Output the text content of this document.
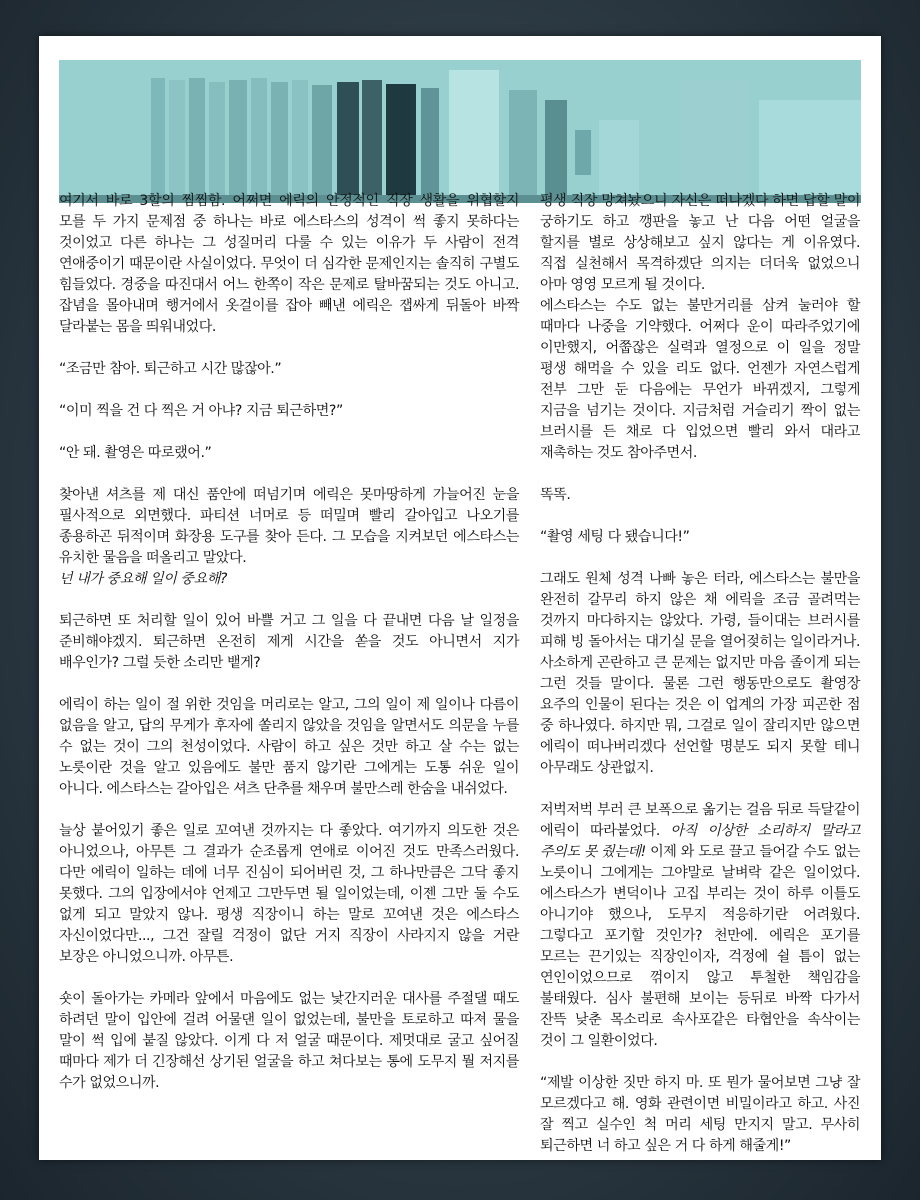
여기서 바로 3할의 찜찜함. 어쩌면 에릭의 안정적인 직장 생활을 위협할지 모를 두 가지 문제점 중 하나는 바로 에스타스의 성격이 썩 좋지 못하다는 것이었고 다른 하나는 그 성질머리 다룰 수 있는 이유가 두 사람이 전격 연애중이기 때문이란 사실이었다. 무엇이 더 심각한 문제인지는 솔직히 구별도 힘들었다. 경중을 따진대서 어느 한쪽이 작은 문제로 탈바꿈되는 것도 아니고. 잡념을 몰아내며 행거에서 옷걸이를 잡아 빼낸 에릭은 잽싸게 뒤돌아 바짝 달라붙는 몸을 띄워내었다.

“조금만 참아. 퇴근하고 시간 많잖아.”

“이미 찍을 건 다 찍은 거 아냐? 지금 퇴근하면?”

“안 돼. 촬영은 따로랬어.”

찾아낸 셔츠를 제 대신 품안에 떠넘기며 에릭은 못마땅하게 가늘어진 눈을 필사적으로 외면했다. 파티션 너머로 등 떠밀며 빨리 갈아입고 나오기를 종용하곤 뒤적이며 화장용 도구를 찾아 든다. 그 모습을 지켜보던 에스타스는 유치한 물음을 떠올리고 말았다.
넌 내가 중요해 일이 중요해?

퇴근하면 또 처리할 일이 있어 바쁠 거고 그 일을 다 끝내면 다음 날 일정을 준비해야겠지. 퇴근하면 온전히 제게 시간을 쏟을 것도 아니면서 지가 배우인가? 그럴 듯한 소리만 뱉게?

에릭이 하는 일이 절 위한 것임을 머리로는 알고, 그의 일이 제 일이나 다름이 없음을 알고, 답의 무게가 후자에 쏠리지 않았을 것임을 알면서도 의문을 누를 수 없는 것이 그의 천성이었다. 사람이 하고 싶은 것만 하고 살 수는 없는 노릇이란 것을 알고 있음에도 불만 품지 않기란 그에게는 도통 쉬운 일이 아니다. 에스타스는 갈아입은 셔츠 단추를 채우며 불만스레 한숨을 내쉬었다.

늘상 붙어있기 좋은 일로 꼬여낸 것까지는 다 좋았다. 여기까지 의도한 것은 아니었으나, 아무튼 그 결과가 순조롭게 연애로 이어진 것도 만족스러웠다. 다만 에릭이 일하는 데에 너무 진심이 되어버린 것, 그 하나만큼은 그닥 좋지 못했다. 그의 입장에서야 언제고 그만두면 될 일이었는데, 이젠 그만 둘 수도 없게 되고 말았지 않나. 평생 직장이니 하는 말로 꼬여낸 것은 에스타스 자신이었다만..., 그건 잘릴 걱정이 없단 거지 직장이 사라지지 않을 거란 보장은 아니었으니까. 아무튼.

숏이 돌아가는 카메라 앞에서 마음에도 없는 낯간지러운 대사를 주절댈 때도 하려던 말이 입안에 걸려 어물댄 일이 없었는데, 불만을 토로하고 따져 물을 말이 썩 입에 붙질 않았다. 이게 다 저 얼굴 때문이다. 제멋대로 굴고 싶어질 때마다 제가 더 긴장해선 상기된 얼굴을 하고 쳐다보는 통에 도무지 뭘 저지를 수가 없었으니까.

평생 직장 망쳐놨으니 자신은 떠나겠다 하면 답할 말이 궁하기도 하고 깽판을 놓고 난 다음 어떤 얼굴을 할지를 별로 상상해보고 싶지 않다는 게 이유였다. 직접 실천해서 목격하겠단 의지는 더더욱 없었으니 아마 영영 모르게 될 것이다.

에스타스는 수도 없는 불만거리를 삼켜 눌러야 할 때마다 나중을 기약했다. 어쩌다 운이 따라주었기에 이만했지, 어쭙잖은 실력과 열정으로 이 일을 정말 평생 해먹을 수 있을 리도 없다. 언젠가 자연스럽게 전부 그만 둔 다음에는 무언가 바뀌겠지, 그렇게 지금을 넘기는 것이다. 지금처럼 거슬리기 짝이 없는 브러시를 든 채로 다 입었으면 빨리 와서 대라고 재촉하는 것도 참아주면서.

똑똑.

“촬영 세팅 다 됐습니다!”

그래도 원체 성격 나빠 놓은 터라, 에스타스는 불만을 완전히 갈무리 하지 않은 채 에릭을 조금 골려먹는 것까지 마다하지는 않았다. 가령, 들이대는 브러시를 피해 빙 돌아서는 대기실 문을 열어젖히는 일이라거나. 사소하게 곤란하고 큰 문제는 없지만 마음 졸이게 되는 그런 것들 말이다. 물론 그런 행동만으로도 촬영장 요주의 인물이 된다는 것은 이 업계의 가장 피곤한 점 중 하나였다. 하지만 뭐, 그걸로 일이 잘리지만 않으면 에릭이 떠나버리겠다 선언할 명분도 되지 못할 테니 아무래도 상관없지.

저벅저벅 부러 큰 보폭으로 옮기는 걸음 뒤로 득달같이 에릭이 따라붙었다. 아직 이상한 소리하지 말라고 주의도 못 줬는데! 이제 와 도로 끌고 들어갈 수도 없는 노릇이니 그에게는 그야말로 날벼락 같은 일이었다. 에스타스가 변덕이나 고집 부리는 것이 하루 이틀도 아니기야 했으나, 도무지 적응하기란 어려웠다. 그렇다고 포기할 것인가? 천만에. 에릭은 포기를 모르는 끈기있는 직장인이자, 걱정에 쉴 틈이 없는 연인이었으므로 꺾이지 않고 투철한 책임감을 불태웠다. 심사 불편해 보이는 등뒤로 바짝 다가서 잔뜩 낮춘 목소리로 속사포같은 타협안을 속삭이는 것이 그 일환이었다.

“제발 이상한 짓만 하지 마. 또 뭔가 물어보면 그냥 잘 모르겠다고 해. 영화 관련이면 비밀이라고 하고. 사진 잘 찍고 실수인 척 머리 세팅 만지지 말고. 무사히 퇴근하면 너 하고 싶은 거 다 하게 해줄게!”
